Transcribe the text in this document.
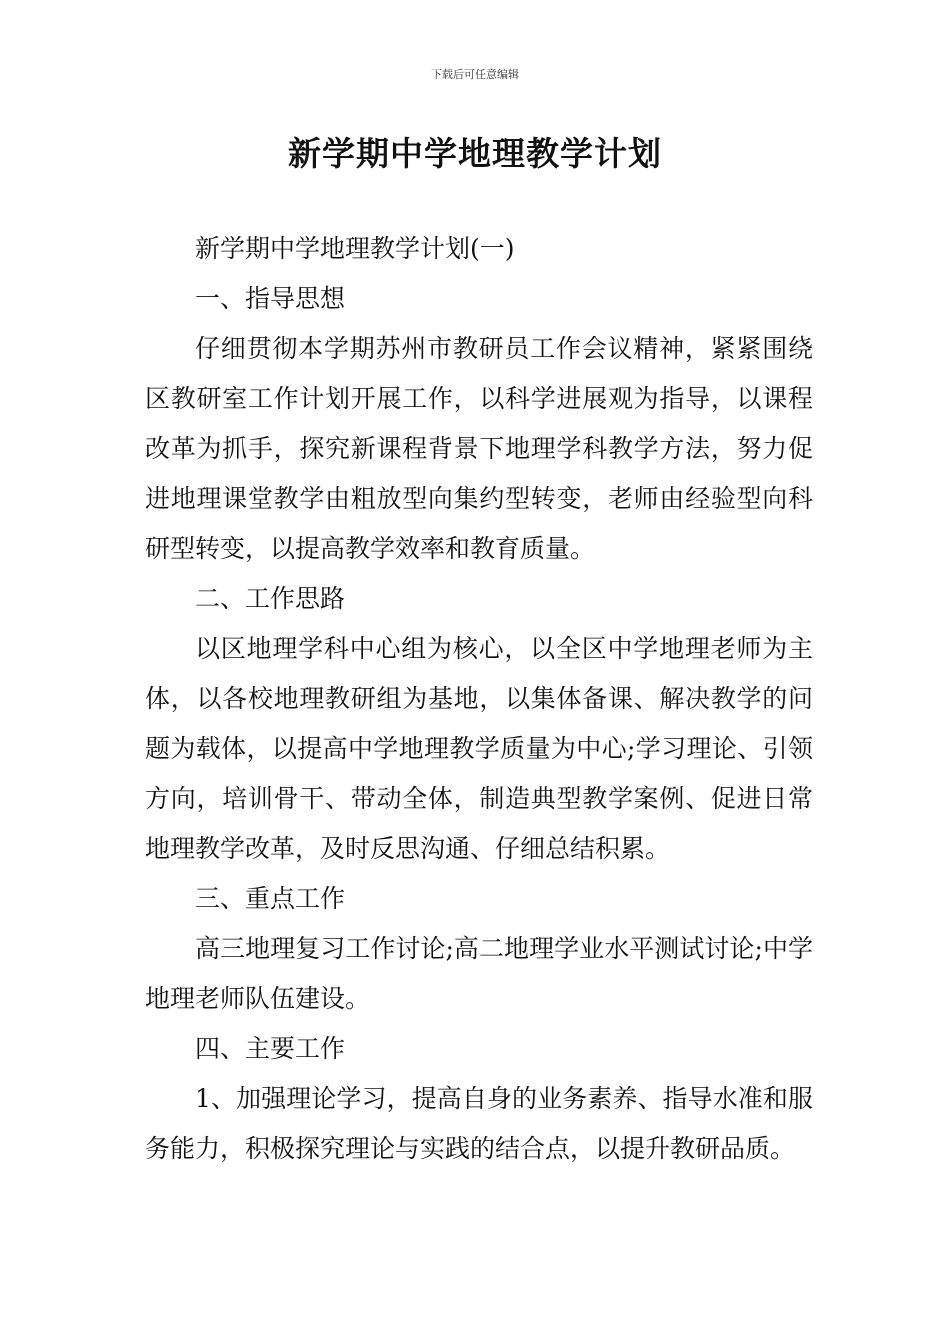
下载后可任意编辑
新学期中学地理教学计划

新学期中学地理教学计划(一)

一、指导思想

仔细贯彻本学期苏州市教研员工作会议精神，紧紧围绕区教研室工作计划开展工作，以科学进展观为指导，以课程改革为抓手，探究新课程背景下地理学科教学方法，努力促进地理课堂教学由粗放型向集约型转变，老师由经验型向科研型转变，以提高教学效率和教育质量。

二、工作思路

以区地理学科中心组为核心，以全区中学地理老师为主体，以各校地理教研组为基地，以集体备课、解决教学的问题为载体，以提高中学地理教学质量为中心;学习理论、引领方向，培训骨干、带动全体，制造典型教学案例、促进日常地理教学改革，及时反思沟通、仔细总结积累。

三、重点工作

高三地理复习工作讨论;高二地理学业水平测试讨论;中学地理老师队伍建设。

四、主要工作

1、加强理论学习，提高自身的业务素养、指导水准和服务能力，积极探究理论与实践的结合点，以提升教研品质。
